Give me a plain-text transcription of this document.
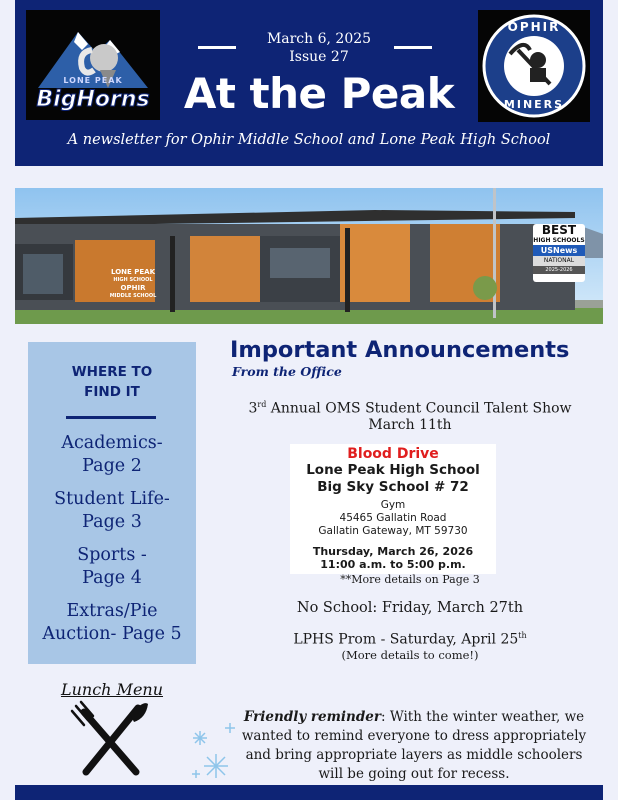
LONE PEAK
BigHorns
OPHIR
MINERS
March 6, 2025
Issue 27
At the Peak
A newsletter for Ophir Middle School and Lone Peak High School
LONE PEAK
HIGH SCHOOL
OPHIR
MIDDLE SCHOOL
BEST
HIGH SCHOOLS
USNews
NATIONAL
2025-2026
WHERE TO
FIND IT
Academics-
Page 2
Student Life-
Page 3
Sports -
Page 4
Extras/Pie
Auction- Page 5
Lunch Menu
Important Announcements
From the Office
3rd Annual OMS Student Council Talent Show
March 11th
Blood Drive
Lone Peak High School
Big Sky School # 72
Gym
45465 Gallatin Road
Gallatin Gateway, MT 59730
Thursday, March 26, 2026
11:00 a.m. to 5:00 p.m.
**More details on Page 3
No School: Friday, March 27th
LPHS Prom - Saturday, April 25th
(More details to come!)
Friendly reminder: With the winter weather, we wanted to remind everyone to dress appropriately and bring appropriate layers as middle schoolers will be going out for recess.
